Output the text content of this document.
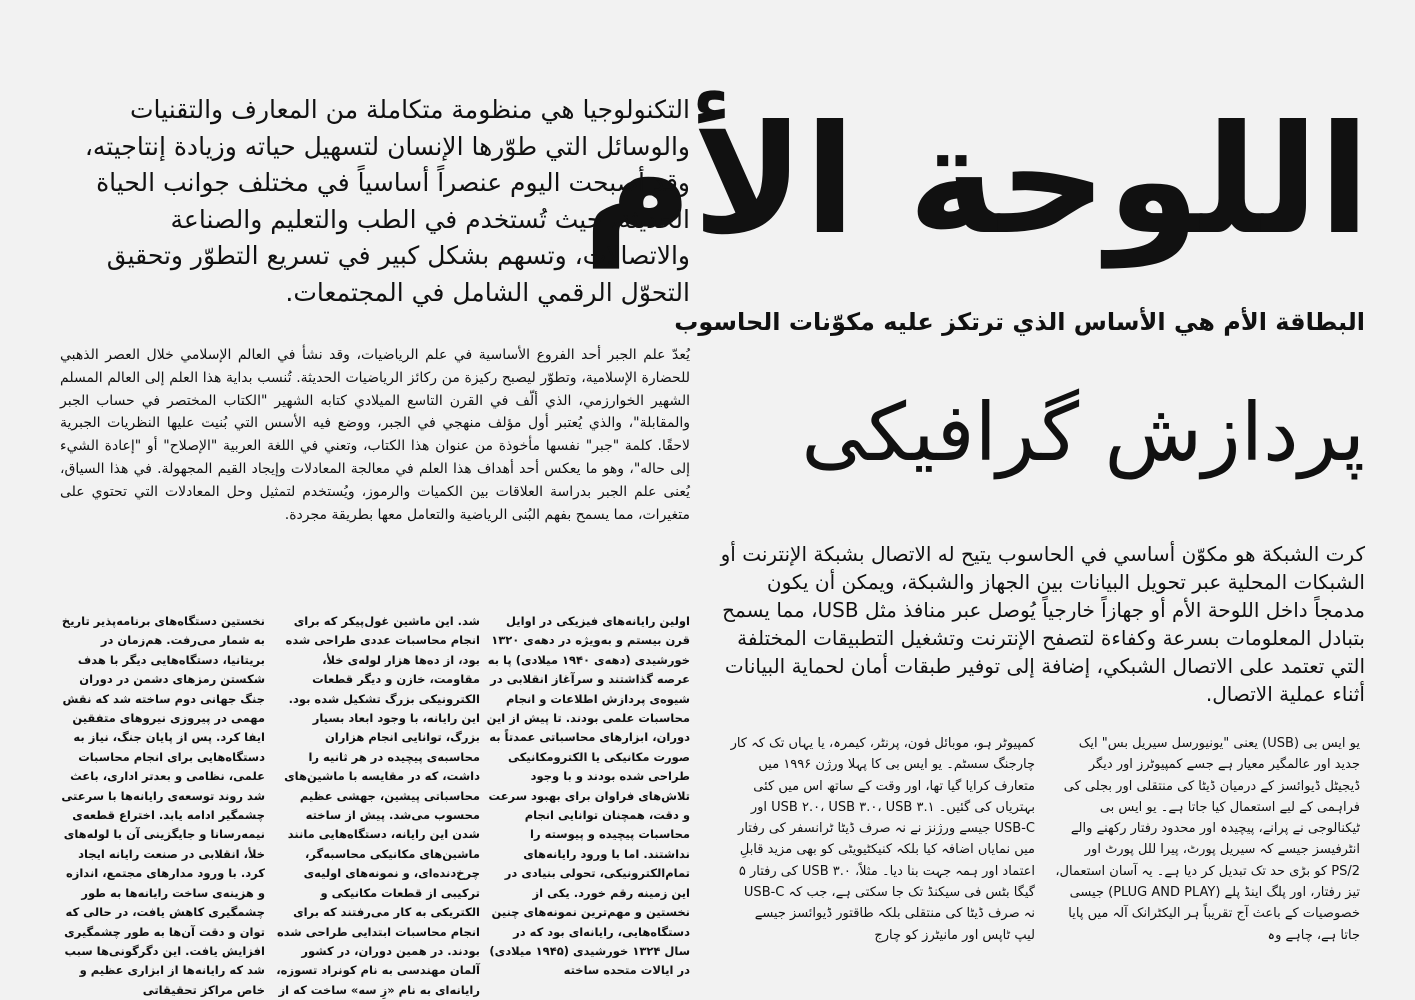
اللوحة الأم
البطاقة الأم هي الأساس الذي ترتكز عليه مكوّنات الحاسوب
پردازش گرافیکی

التكنولوجيا هي منظومة متكاملة من المعارف والتقنيات والوسائل التي طوّرها الإنسان لتسهيل حياته وزيادة إنتاجيته، وقد أصبحت اليوم عنصراً أساسياً في مختلف جوانب الحياة الحديثة، حيث تُستخدم في الطب والتعليم والصناعة والاتصالات، وتسهم بشكل كبير في تسريع التطوّر وتحقيق التحوّل الرقمي الشامل في المجتمعات.

يُعدّ علم الجبر أحد الفروع الأساسية في علم الرياضيات، وقد نشأ في العالم الإسلامي خلال العصر الذهبي للحضارة الإسلامية، وتطوّر ليصبح ركيزة من ركائز الرياضيات الحديثة. تُنسب بداية هذا العلم إلى العالم المسلم الشهير الخوارزمي، الذي ألّف في القرن التاسع الميلادي كتابه الشهير "الكتاب المختصر في حساب الجبر والمقابلة"، والذي يُعتبر أول مؤلف منهجي في الجبر، ووضع فيه الأسس التي بُنيت عليها النظريات الجبرية لاحقًا. كلمة "جبر" نفسها مأخوذة من عنوان هذا الكتاب، وتعني في اللغة العربية "الإصلاح" أو "إعادة الشيء إلى حاله"، وهو ما يعكس أحد أهداف هذا العلم في معالجة المعادلات وإيجاد القيم المجهولة. في هذا السياق، يُعنى علم الجبر بدراسة العلاقات بين الكميات والرموز، ويُستخدم لتمثيل وحل المعادلات التي تحتوي على متغيرات، مما يسمح بفهم البُنى الرياضية والتعامل معها بطريقة مجردة.

كرت الشبكة هو مكوّن أساسي في الحاسوب يتيح له الاتصال بشبكة الإنترنت أو الشبكات المحلية عبر تحويل البيانات بين الجهاز والشبكة، ويمكن أن يكون مدمجاً داخل اللوحة الأم أو جهازاً خارجياً يُوصل عبر منافذ مثل USB، مما يسمح بتبادل المعلومات بسرعة وكفاءة لتصفح الإنترنت وتشغيل التطبيقات المختلفة التي تعتمد على الاتصال الشبكي، إضافة إلى توفير طبقات أمان لحماية البيانات أثناء عملية الاتصال.

یو ایس بی (USB) یعنی "یونیورسل سیریل بس" ایک جدید اور عالمگیر معیار ہے جسے کمپیوٹرز اور دیگر ڈیجیٹل ڈیوائسز کے درمیان ڈیٹا کی منتقلی اور بجلی کی فراہمی کے لیے استعمال کیا جاتا ہے۔ یو ایس بی ٹیکنالوجی نے پرانے، پیچیدہ اور محدود رفتار رکھنے والے انٹرفیسز جیسے کہ سیریل پورٹ، پیرا للل پورٹ اور PS/2 کو بڑی حد تک تبدیل کر دیا ہے۔ یہ آسان استعمال، تیز رفتار، اور پلگ اینڈ پلے (PLUG AND PLAY) جیسی خصوصیات کے باعث آج تقریباً ہر الیکٹرانک آلہ میں پایا جاتا ہے، چاہے وہ

کمپیوٹر ہو، موبائل فون، پرنٹر، کیمرہ، یا یہاں تک کہ کار چارجنگ سسٹم۔ یو ایس بی کا پہلا ورژن ۱۹۹۶ میں متعارف کرایا گیا تھا، اور وقت کے ساتھ اس میں کئی بہتریاں کی گئیں۔ USB ۲.۰، USB ۳.۰، USB ۳.۱ اور USB-C جیسے ورژنز نے نہ صرف ڈیٹا ٹرانسفر کی رفتار میں نمایاں اضافہ کیا بلکہ کنیکٹیویٹی کو بھی مزید قابلِ اعتماد اور ہمہ جہت بنا دیا۔ مثلاً، USB ۳.۰ کی رفتار ۵ گیگا بٹس فی سیکنڈ تک جا سکتی ہے، جب کہ USB-C نہ صرف ڈیٹا کی منتقلی بلکہ طاقتور ڈیوائسز جیسے لیپ ٹاپس اور مانیٹرز کو چارج

اولین رایانه‌های فیزیکی در اوایل قرن بیستم و به‌ویژه در دهه‌ی ۱۳۲۰ خورشیدی (دهه‌ی ۱۹۴۰ میلادی) پا به عرصه گذاشتند و سرآغاز انقلابی در شیوه‌ی پردازش اطلاعات و انجام محاسبات علمی بودند. تا پیش از این دوران، ابزارهای محاسباتی عمدتاً به صورت مکانیکی یا الکترومکانیکی طراحی شده بودند و با وجود تلاش‌های فراوان برای بهبود سرعت و دقت، همچنان توانایی انجام محاسبات پیچیده و پیوسته را نداشتند. اما با ورود رایانه‌های تمام‌الکترونیکی، تحولی بنیادی در این زمینه رقم خورد. یکی از نخستین و مهم‌ترین نمونه‌های چنین دستگاه‌هایی، رایانه‌ای بود که در سال ۱۳۲۴ خورشیدی (۱۹۴۵ میلادی) در ایالات متحده ساخته

شد. این ماشین غول‌پیکر که برای انجام محاسبات عددی طراحی شده بود، از ده‌ها هزار لوله‌ی خلأ، مقاومت، خازن و دیگر قطعات الکترونیکی بزرگ تشکیل شده بود. این رایانه، با وجود ابعاد بسیار بزرگ، توانایی انجام هزاران محاسبه‌ی پیچیده در هر ثانیه را داشت، که در مقایسه با ماشین‌های محاسباتی پیشین، جهشی عظیم محسوب می‌شد. پیش از ساخته شدن این رایانه، دستگاه‌هایی مانند ماشین‌های مکانیکی محاسبه‌گر، چرخ‌دنده‌ای، و نمونه‌های اولیه‌ی ترکیبی از قطعات مکانیکی و الکتریکی به کار می‌رفتند که برای انجام محاسبات ابتدایی طراحی شده بودند. در همین دوران، در کشور آلمان مهندسی به نام کونراد تسوزه، رایانه‌ای به نام «زِ سه» ساخت که از

نخستین دستگاه‌های برنامه‌پذیر تاریخ به شمار می‌رفت. هم‌زمان در بریتانیا، دستگاه‌هایی دیگر با هدف شکستن رمزهای دشمن در دوران جنگ جهانی دوم ساخته شد که نقش مهمی در پیروزی نیروهای متفقین ایفا کرد. پس از پایان جنگ، نیاز به دستگاه‌هایی برای انجام محاسبات علمی، نظامی و بعدتر اداری، باعث شد روند توسعه‌ی رایانه‌ها با سرعتی چشمگیر ادامه یابد. اختراع قطعه‌ی نیمه‌رسانا و جایگزینی آن با لوله‌های خلأ، انقلابی در صنعت رایانه ایجاد کرد. با ورود مدارهای مجتمع، اندازه و هزینه‌ی ساخت رایانه‌ها به طور چشمگیری کاهش یافت، در حالی که توان و دقت آن‌ها به طور چشمگیری افزایش یافت. این دگرگونی‌ها سبب شد که رایانه‌ها از ابزاری عظیم و خاص مراکز تحقیقاتی
